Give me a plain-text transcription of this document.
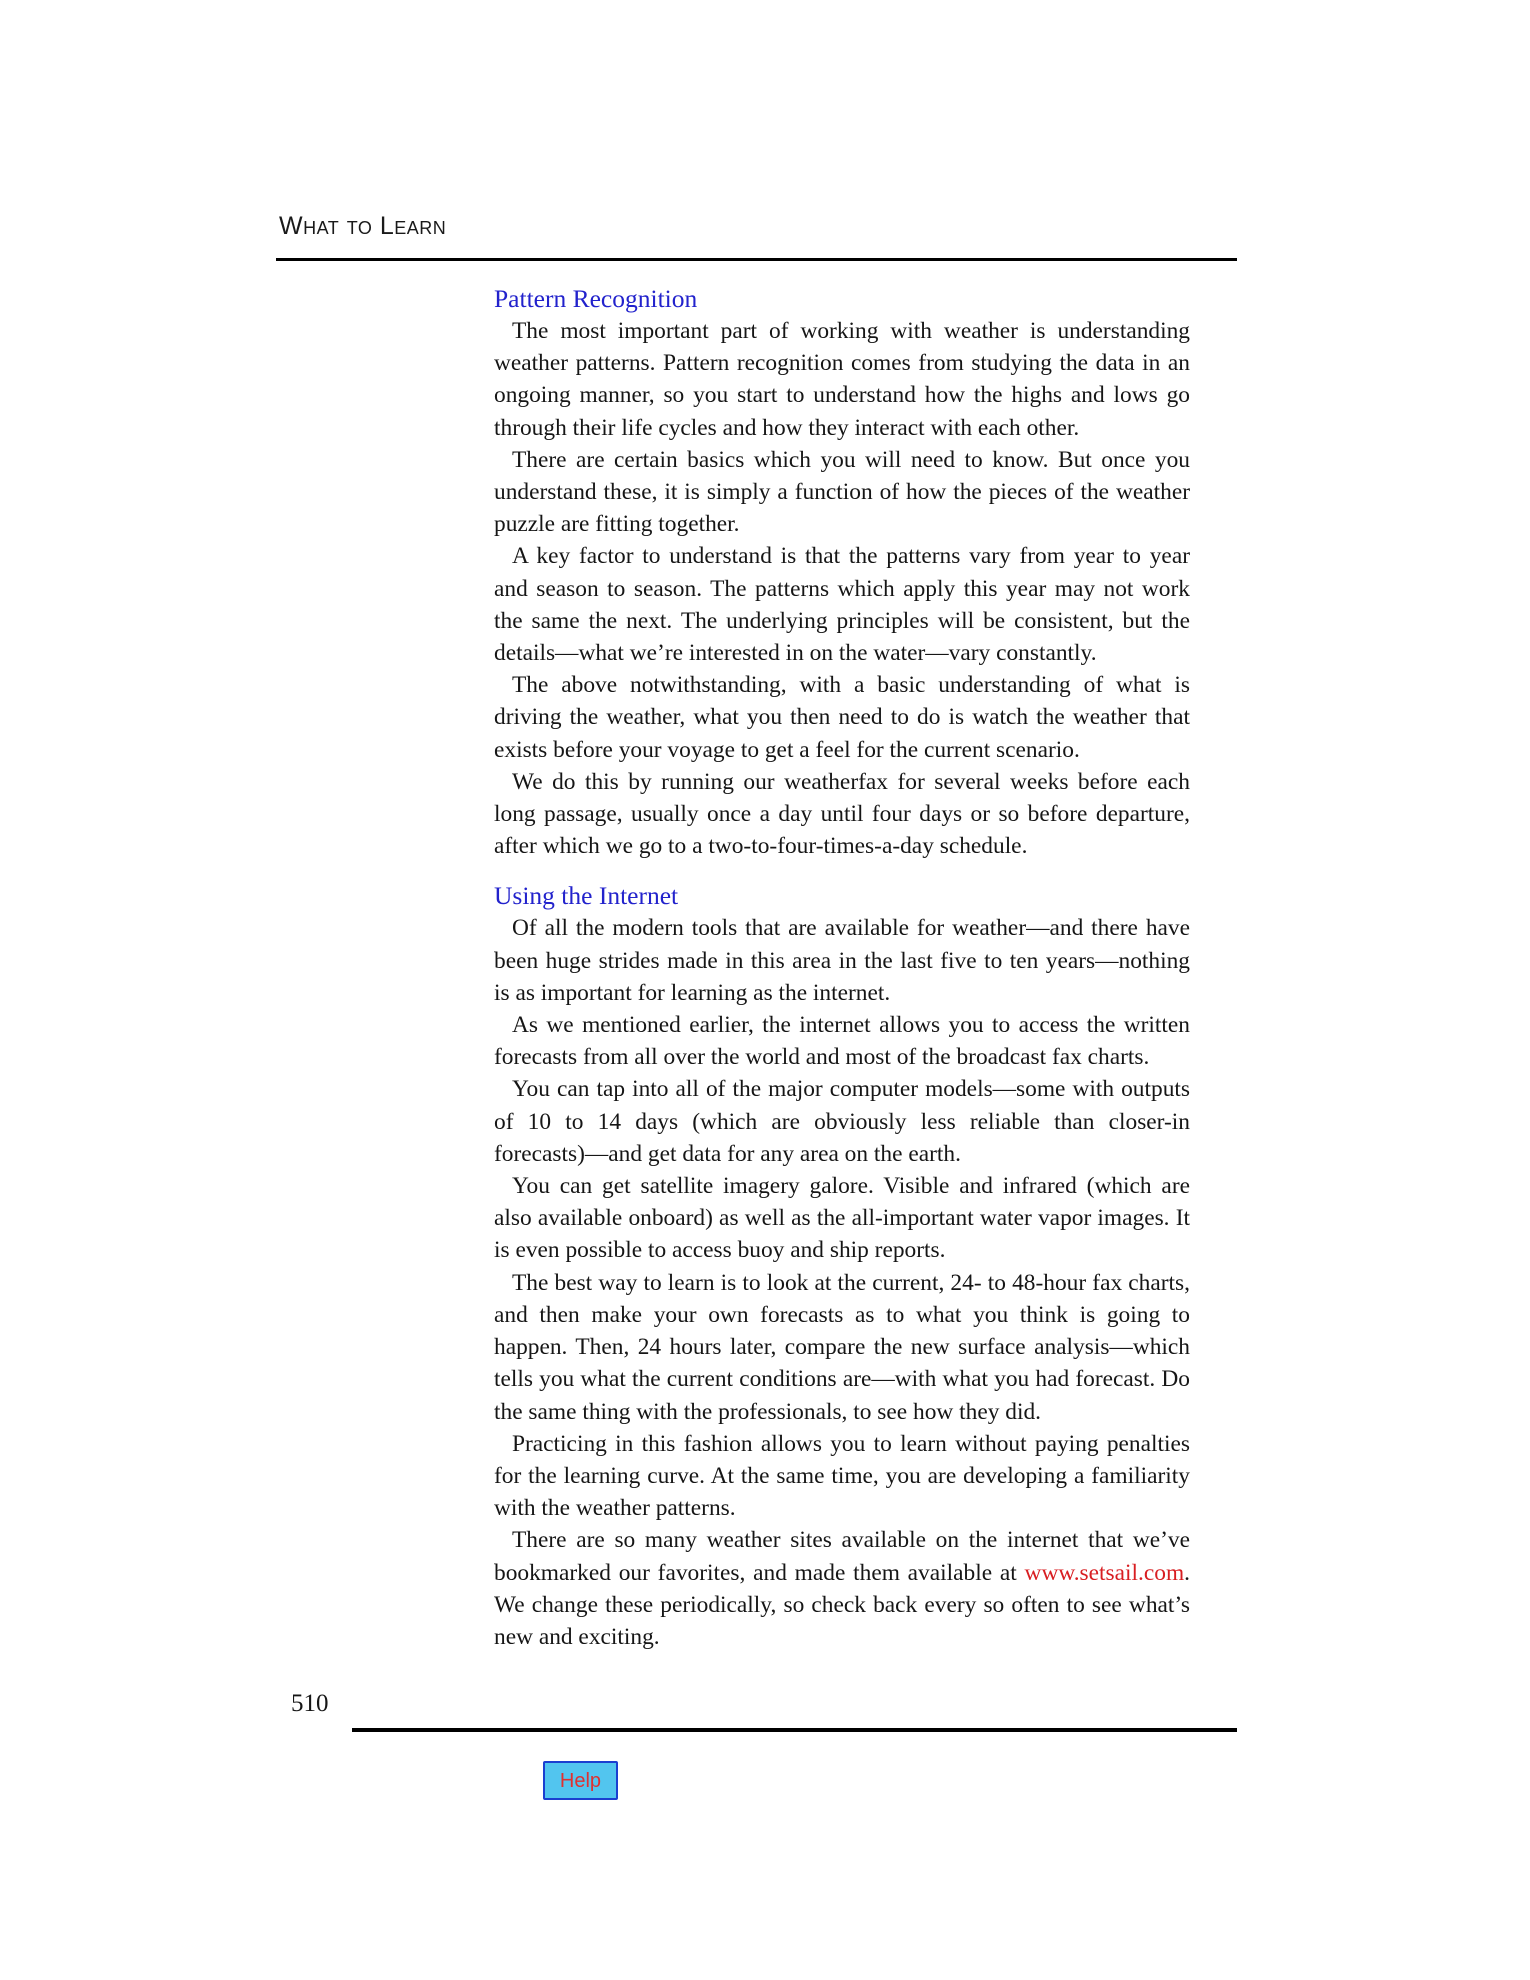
What to Learn
Pattern Recognition

The most important part of working with weather is understanding weather patterns. Pattern recognition comes from studying the data in an ongoing manner, so you start to understand how the highs and lows go through their life cycles and how they interact with each other.

There are certain basics which you will need to know. But once you understand these, it is simply a function of how the pieces of the weather puzzle are fitting together.

A key factor to understand is that the patterns vary from year to year and season to season. The patterns which apply this year may not work the same the next. The underlying principles will be consistent, but the details—what we’re interested in on the water—vary constantly.

The above notwithstanding, with a basic understanding of what is driving the weather, what you then need to do is watch the weather that exists before your voyage to get a feel for the current scenario.

We do this by running our weatherfax for several weeks before each long passage, usually once a day until four days or so before departure, after which we go to a two-to-four-times-a-day schedule.

Using the Internet

Of all the modern tools that are available for weather—and there have been huge strides made in this area in the last five to ten years—nothing is as important for learning as the internet.

As we mentioned earlier, the internet allows you to access the written forecasts from all over the world and most of the broadcast fax charts.

You can tap into all of the major computer models—some with outputs of 10 to 14 days (which are obviously less reliable than closer-in forecasts)—and get data for any area on the earth.

You can get satellite imagery galore. Visible and infrared (which are also available onboard) as well as the all-important water vapor images. It is even possible to access buoy and ship reports.

The best way to learn is to look at the current, 24- to 48-hour fax charts, and then make your own forecasts as to what you think is going to happen. Then, 24 hours later, compare the new surface analysis—which tells you what the current conditions are—with what you had forecast. Do the same thing with the professionals, to see how they did.

Practicing in this fashion allows you to learn without paying penalties for the learning curve. At the same time, you are developing a familiarity with the weather patterns.

There are so many weather sites available on the internet that we’ve bookmarked our favorites, and made them available at www.setsail.com. We change these periodically, so check back every so often to see what’s new and exciting.

510
Help
